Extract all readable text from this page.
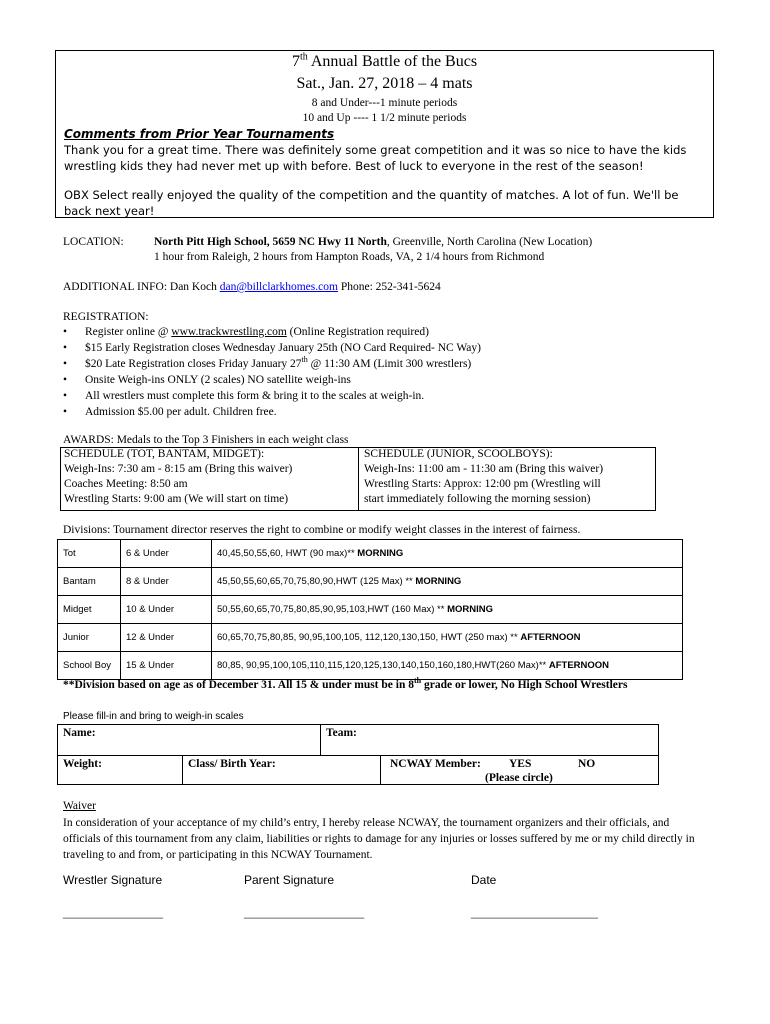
7th Annual Battle of the Bucs
Sat., Jan. 27, 2018 – 4 mats
8 and Under---1 minute periods
10 and Up ---- 1 1/2 minute periods
Comments from Prior Year Tournaments
Thank you for a great time. There was definitely some great competition and it was so nice to have the kids wrestling kids they had never met up with before. Best of luck to everyone in the rest of the season!
OBX Select really enjoyed the quality of the competition and the quantity of matches. A lot of fun. We'll be back next year!
LOCATION:	North Pitt High School, 5659 NC Hwy 11 North, Greenville, North Carolina (New Location)
1 hour from Raleigh, 2 hours from Hampton Roads, VA, 2 1/4 hours from Richmond
ADDITIONAL INFO: Dan Koch dan@billclarkhomes.com Phone: 252-341-5624
REGISTRATION:
• Register online @ www.trackwrestling.com (Online Registration required)
• $15 Early Registration closes Wednesday January 25th (NO Card Required- NC Way)
• $20 Late Registration closes Friday January 27th @ 11:30 AM (Limit 300 wrestlers)
• Onsite Weigh-ins ONLY (2 scales) NO satellite weigh-ins
• All wrestlers must complete this form & bring it to the scales at weigh-in.
• Admission $5.00 per adult. Children free.
AWARDS: Medals to the Top 3 Finishers in each weight class
SCHEDULE (TOT, BANTAM, MIDGET):
Weigh-Ins: 7:30 am - 8:15 am (Bring this waiver)
Coaches Meeting: 8:50 am
Wrestling Starts: 9:00 am (We will start on time)
SCHEDULE (JUNIOR, SCOOLBOYS):
Weigh-Ins: 11:00 am - 11:30 am (Bring this waiver)
Wrestling Starts: Approx: 12:00 pm (Wrestling will
start immediately following the morning session)
Divisions: Tournament director reserves the right to combine or modify weight classes in the interest of fairness.
Tot	6 & Under	40,45,50,55,60, HWT (90 max)** MORNING
Bantam	8 & Under	45,50,55,60,65,70,75,80,90,HWT (125 Max) ** MORNING
Midget	10 & Under	50,55,60,65,70,75,80,85,90,95,103,HWT (160 Max) ** MORNING
Junior	12 & Under	60,65,70,75,80,85, 90,95,100,105, 112,120,130,150, HWT (250 max) ** AFTERNOON
School Boy	15 & Under	80,85, 90,95,100,105,110,115,120,125,130,140,150,160,180,HWT(260 Max)** AFTERNOON
**Division based on age as of December 31. All 15 & under must be in 8th grade or lower, No High School Wrestlers
Please fill-in and bring to weigh-in scales
Name:	Team:
Weight:	Class/ Birth Year:	NCWAY Member: YES	NO
(Please circle)
Waiver
In consideration of your acceptance of my child’s entry, I hereby release NCWAY, the tournament organizers and their officials, and officials of this tournament from any claim, liabilities or rights to damage for any injuries or losses suffered by me or my child directly in traveling to and from, or participating in this NCWAY Tournament.
Wrestler Signature	Parent Signature	Date
_______________	__________________	___________________
